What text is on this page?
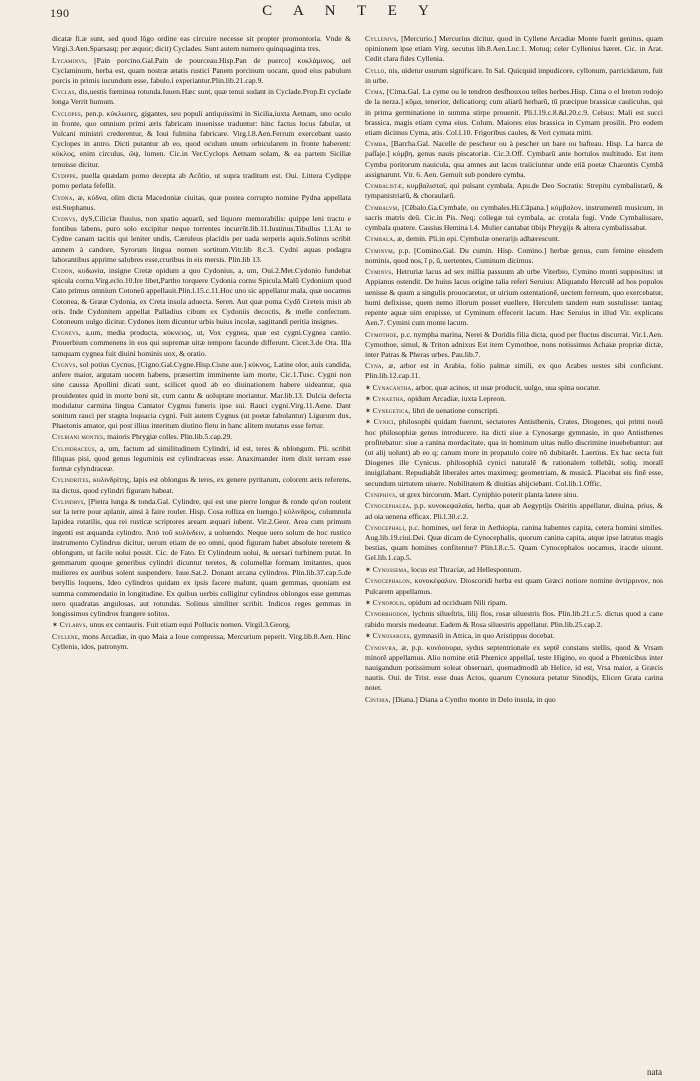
190	C A N T E Y

dicatæ fi.æ sunt, sed quod lōgo ordine eas circuire necesse sit propter promontoria. Vnde & Virgi.3.Aen.Sparsasq; per æquor; dicit) Cyclades. Sunt autem numero quinquaginta tres.

Lycaminvs, [Pain porcino.Gal.Pain de pourceau.Hisp.Pan de puerco] κυκλάμινος, uel Cyclaminum, herba est, quam nostræ ætatis rustici Panem porcinum uocant, quod eius pabulum porcis in primis iucundum esse, fabulo.i experiantur.Plin.lib.21.cap.9.

Cyclas, dis,uestis fœminea rotunda.Iuuen.Hæc sunt, quæ tenui sudant in Cyclade.Prop.Et cyclade longa Verrit humum.

Cyclopes, pen.p. κύκλωπες, gigantes, seu populi antiquissimi in Sicilia,iuxta Aetnam, uno oculo in fronte, quo omnium primi æris fabricam inuenisse traduntur: hinc factus locus fabulæ, ut Vulcani ministri crederentur, & Ioui fulmina fabricare. Virg.l.8.Aen.Ferrum exercebant uasto Cyclopes in antro. Dicti putantur ab eo, quod oculum unum orbicularem in fronte haberent: κύκλος, enim circulus, ὤψ, lumen. Cic.in Ver.Cyclops Aetnam solam, & ea partem Siciliæ tenuisse dicitur.

Cydippe, puella quædam pomo decepta ab Acōtio, ut supra traditum est. Oui. Littera Cydippe pomo perlata fefellit.

Cydna, æ, κύδνα, olim dicta Macedoniæ ciuitas, quæ postea corrupto nomine Pydna appellata est.Stephanus.

Cydnvs, dyS,Ciliciæ fluuius, non spatio aquarū, sed liquore memorabilis: quippe leni tractu e fontibus labens, puro solo excipitur neque torrentes incurrūt.lib.11.Iustinus.Tibullus l.1.At te Cydne canam tacitis qui leniter undis, Cæruleus placidis per uada serperis aquis.Solinus scribit amnem à candore, Syrorum lingua nomen sortitum.Vitr.lib 8.c.3. Cydni aquas podagra laborantibus apprime salubres esse,cruribus in eis mersis. Plin.lib 13.

Cydon, κυδωνία, insigne Cretæ opidum a quo Cydonius, a, um, Oui.2.Met.Cydonio fundebat spicula cornu.Virg.eclo.10.Ire libet,Partho torquere Cydonia cornu Spicula.Malū Cydonium quod Cato primus omnium Cotoneū appellauit.Plin.l.15.c.11.Hoc uno sic appellatur mala, quæ uocamus Cotonea, & Grææ Cydonia, ex Creta insula aduecta. Seren. Aut quæ poma Cydō Creteis misit ab oris. Inde Cydonitem appellat Palladius cibum ex Cydoniis decoctis, & melle confectum. Cotoneum uulgo dicitur. Cydones item dicuntur urbis huius incolæ, sagittandi peritia insignes.

Cygnevs, a,um, media producta, κύκνειος, ut, Vox cygnea, quæ est cygni.Cygnea cantio. Prouerbium commenens in eos qui supremæ uitæ tempore facunde differunt. Cicer.3.de Ora. Illa tamquam cygnea fuit diuini hominis uox, & oratio.

Cygnvs, sol potius Cycnus, [Cigno.Gal.Cygne.Hisp.Cisne aue.] κύκνος, Latine olor, auis candida, anfere maior, argutam uocem habens, præsertim imminente iam morte, Cic.1.Tusc. Cygni non sine caussa Apollini dicati sunt, scilicet quod ab eo diuinationem habere uideantur, qua prouidentes quid in morte boni sit, cum cantu & uoluptate moriantur. Mar.lib.13. Dulcia defecta modulatur carmina lingua Cantator Cygnus funeris ipse sui. Rauci cygni.Virg.11.Aene. Dant sonitum rauci per stagna loquacia cygni. Fuit autem Cygnus (ut poetæ fabulantur) Ligurum dux, Phaetonis amator, qui post illius interitum diutino fletu in hanc alitem mutatus esse fertur.

Cylbiani montes, maioris Phrygiæ colles. Plin.lib.5.cap.29.

Cylindraceus, a, um, factum ad similitudinem Cylindri, id est, teres & oblongum. Pli. scribit filiquas pisi, quod genus leguminis est cylindraceas esse. Anaximander item dixit terram esse formæ cylyndraceæ.

Cylindrites, κυλινδρίτης, lapis est oblongus & teres, ex genere pyritarum, colorem æris referens, ita dictus, quod cylindri figuram habeat.

Cylindrvs, [Pietra lunga & tonda.Gal. Cylindre, qui est une pierre longue & ronde qu'on roulent sur la terre pour aplanir, ainsi à faire rouler. Hisp. Cosa rolliza en luengo.] κύλινδρος, columnula lapidea rotatilis, qua rei rusticæ scriptores arearn æquari iubent. Vir.2.Geor. Area cum primum ingenti est æquanda cylindro. Ἀπὸ τοῦ κυλίνδειν, a uoluendo. Neque uero solum de hoc rustico instrumento Cylindrus dicitur, uerum etiam de eo omni, quod figuram habet absolute teretem & oblongum, ut facile uolui possit. Cic. de Fato. Et Cylindrum uolui, & uersari turbinem putat. In gemmarum quoque generibus cylindri dicuntur teretes, & columellæ formam imitantes, quos mulieres ex auribus solent suspendere. Iuue.Sat.2. Donant arcana cylindros. Plin.lib.37.cap.5.de beryllis loquens, Ideo cylindros quidam ex ipsis facere malunt, quam gemmas, quoniam est summa commendatio in longitudine. Ex quibus uerbis colligitur cylindros oblongos esse gemmas uero quadratas angulosas, aut rotundas. Solinus similiter scribit. Indicos reges gemmas in longissimos cylindros frangere solitos.

✶ Cylarvs, unus ex centauris. Fuit etiam equi Pollucis nomen. Virgil.3.Georg.

Cyllene, mons Arcadiæ, in quo Maia a Ioue compressa, Mercurium peperit. Virg.lib.8.Aen. Hinc Cyllenis, idos, patronym.

Cyllenivs, [Mercurio.] Mercurius dicitur, quod in Cyllene Arcadiæ Monte fuerit genitus, quam opinionem ipse etiam Virg. secutus lib.8.Aen.Luc.1. Motuq; celer Cyllenius hæret. Cic. in Arat. Cedit clara fides Cyllenia.

Cyllo, nis, uidetur usurum significare. In Sal. Quicquid impudicore, cyllonum, parricidarum, fuit in urbe.

Cyma, [Cima.Gal. La cyme ou le tendron desfhouxou telles herbes.Hisp. Cima o el breton rodojo de la nerza.] κῦμα, tenerior, delicatiorq; cum aliarū herbarū, tū præcipue brassicæ cauliculus, qui in prima germinatione in summa stirpe prouenit. Pli.l.19.c.8.&l.20.c.9. Celsus: Mali est succi brassica, magis etiam cyma eius. Colum. Maiores eius brassica in Cymam prosilit. Pro eodem etiam dicimus Cyma, atis. Col.l.10. Frigoribus caules, & Veri cymata mitti.

Cymba, [Barcha.Gal. Nacelle de pescheur ou à pescher un bare ou bafteau. Hisp. La barca de paſſaje.] κύμβη, genus nauis piscatoriæ. Cic.3.Off. Cymbarū ante hortulos multitudo. Est item Cymba poritorum nauicula, qua amnes aut lacus traiiciuntur unde etiā poetæ Charontis Cymbā assignarunt. Vir. 6. Aen. Gemuit sub pondere cymba.

Cymbalistæ, κυμβαλισταί, qui pulsant cymbala. Apu.de Deo Socratis: Strepitu cymbalistarū, & tympanistriarū, & choraularū.

Cymbalvm, [Cēbalo.Ga.Cymbale, ou cymbales.Hi.Cāpana.] κύμβαλον, instrumentū musicum, in sacris matris deū. Cic.in Pis. Neq; collegæ tui cymbala, ac crotala fugi. Vnde Cymbalissare, cymbala quatere. Cassius Hemina l.4. Mulier cantabat tibijs Phrygijs & altera cymbalissabat.

Cymbala, æ, demin. Pli.in epi. Cymbulæ onerarijs adhærescunt.

Cyminvm, p.p. [Comino.Gal. Du cumin. Hisp. Comino.] herbæ genus, cum femine eiusdem nominis, quod nos, ī p, ū, uertentes, Cuminum dicimus.

Cyminvs, Hetruriæ lacus ad sex millia passuum ab urbe Viterbio, Cymino monti suppositus: ut Appianus ostendit. De huius lacus origine talia referi Seruius: Aliquando Herculē ad hos populos uenisse & quum a singulis prouocaretur, ut uirium ostentationē, uectem ferreum, quo exercebatur, humi defixisse, quem nemo illorum posset euellere, Herculem tandem eum sustulisse: tantaq; repente aquæ uim erupisse, ut Cyminum effecerit lacum. Hæc Seruius in illud Vir. explicans Aen.7. Cymini cum monte lacum.

Cymothoe, p.c. nympha marina, Nerei & Doridis filia dicta, quod per fluctus discurrat. Vir.1.Aen. Cymothoe, simul, & Triton adnixus Est item Cymothoe, nons notissimus Achaiæ propriæ dictæ, inter Patras & Pheras urbes. Pau.lib.7.

Cyna, æ, arbor est in Arabia, folio palmæ simili, ex quo Arabes uestes sibi conficiunt. Plin.lib.12.cap.11.

✶ Cynacantha, arbor, quæ acinos, ut uuæ producit, uulgo, uua spina uocatur.

✶ Cynaetha, opidum Arcadiæ, iuxta Lepreon.

✶ Cynegetica, libri de uenatione conscripti.

✶ Cynici, philosophi quidam fuerunt, sectatores Antisthenis, Crates, Diogenes, qui primi nouū hoc philosophiæ genus introducere. ita dicti siue a Cynosarge gymnasio, in quo Antisthenes profitebatur: siue a canina mordacitate, qua in hominum uitas nullo discrimine inuehebantur: aut (ut alij uolunt) ab eo q; canum more in propatulo coire nō dubitarēt. Laertius. Ex hac secta fuit Diogenes ille Cynicus. philosophiā cynici naturalē & rationalem tollebāt, soliq. moralī inuigilabant. Repudiabāt liberales artes maximeq; geometriam, & musicā. Placebat eis finē esse, secundum uirtutem uiuere. Nobilitatem & diuitias abijciebant. Col.lib.1.Offic.

Cyniphivs, ut grex hircorum. Mart. Cyniphio poterit planta latere sinu.

Cynocephalea, p.p. κυνοκεφαλαία, herba, quæ ab Aegyptijs Osiritis appellatur, diuina, prius, & ad oia uenena efficax. Pli.l.30.c.2.

Cynocephali, p.c. homines, uel feræ in Aethiopia, canina habentes capita, cetera homini similes. Aug.lib.19.ciui.Dei. Quæ dicam de Cynocephalis, quorum canina capita, atque ipse latratus magis bestias, quam homines confitentur? Plin.l.8.c.5. Quam Cynocephalos uocamus, iracde uiuunt. Gel.lib.1.cap.5.

✶ Cynossema, locus est Thraciæ, ad Hellespontum.

Cynocephalon, κυνοκέφαλον. Dioscoridi herba est quam Græci notiore nomine ἀντίρρινον, nos Pulcarem appellamus.

✶ Cynopolis, opidum ad occiduam Nili ripam.

Cynorrhodon, lychnis silueſtris, lilij flos, rosæ siluestris flos. Plin.lib.21.c.5. dictus quod a cane rabido morsis medeatur. Eadem & Rosa siluestris appellatur. Plin.lib.25.cap.2.

✶ Cynosarges, gymnasiū in Attica, in quo Aristippus docebat.

Cynosvra, æ, p.p. κυνόσουρα, sydus septentrionale ex septē constans stellis, quod & Vrsam minorē appellamus. Alio nomine etiā Phœnice appellaſ, teste Higino, eo quod a Phœnicibus inter nauigandum potissimum soleat obseruari, quemadmodū ab Helice, id est, Vrsa maior, a Græcis nautis. Oui. de Trist. esse duas Actos, quarum Cynosura petatur Sinodijs, Elicen Grata carina notet.

Cinthia, [Diana.] Diana a Cyntho monte in Delo insula, in quo

nata
